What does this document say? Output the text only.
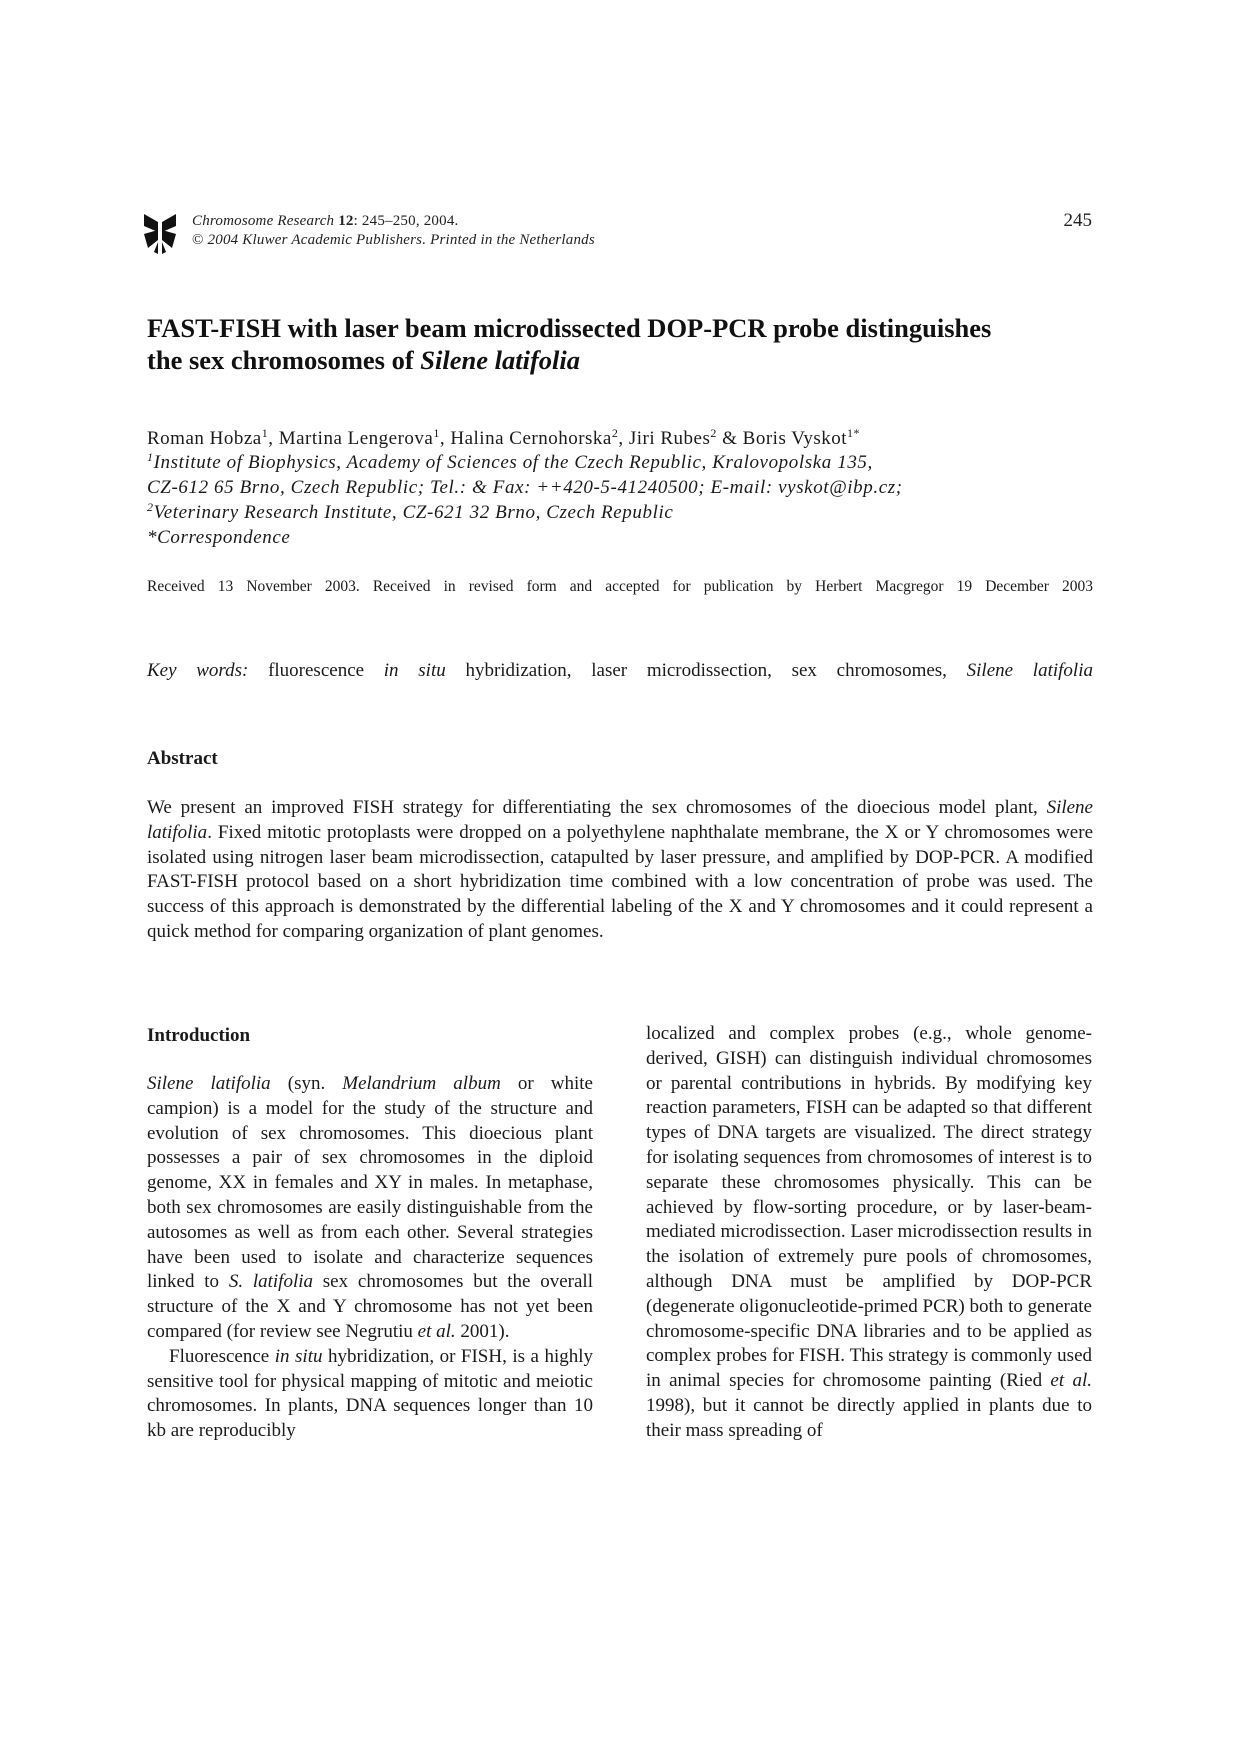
Chromosome Research 12: 245–250, 2004.
© 2004 Kluwer Academic Publishers. Printed in the Netherlands
245
FAST-FISH with laser beam microdissected DOP-PCR probe distinguishes
the sex chromosomes of Silene latifolia
Roman Hobza$^1$, Martina Lengerova$^1$, Halina Cernohorska$^2$, Jiri Rubes$^2$ & Boris Vyskot$^{1*}$
$^1$Institute of Biophysics, Academy of Sciences of the Czech Republic, Kralovopolska 135,
CZ-612 65 Brno, Czech Republic; Tel.: & Fax: ++420-5-41240500; E-mail: vyskot@ibp.cz;
$^2$Veterinary Research Institute, CZ-621 32 Brno, Czech Republic
*Correspondence
Received 13 November 2003. Received in revised form and accepted for publication by Herbert Macgregor 19 December 2003
Key words: fluorescence in situ hybridization, laser microdissection, sex chromosomes, Silene latifolia
Abstract
We present an improved FISH strategy for differentiating the sex chromosomes of the dioecious model plant, Silene latifolia. Fixed mitotic protoplasts were dropped on a polyethylene naphthalate membrane, the X or Y chromosomes were isolated using nitrogen laser beam microdissection, catapulted by laser pressure, and amplified by DOP-PCR. A modified FAST-FISH protocol based on a short hybridization time combined with a low concentration of probe was used. The success of this approach is demonstrated by the differential labeling of the X and Y chromosomes and it could represent a quick method for comparing organization of plant genomes.
Introduction

Silene latifolia (syn. Melandrium album or white campion) is a model for the study of the structure and evolution of sex chromosomes. This dioecious plant possesses a pair of sex chromosomes in the diploid genome, XX in females and XY in males. In metaphase, both sex chromosomes are easily distinguishable from the autosomes as well as from each other. Several strategies have been used to isolate and characterize sequences linked to S. latifolia sex chromosomes but the overall structure of the X and Y chromosome has not yet been compared (for review see Negrutiu et al. 2001).

Fluorescence in situ hybridization, or FISH, is a highly sensitive tool for physical mapping of mitotic and meiotic chromosomes. In plants, DNA sequences longer than 10 kb are reproducibly

localized and complex probes (e.g., whole genome-derived, GISH) can distinguish individual chromosomes or parental contributions in hybrids. By modifying key reaction parameters, FISH can be adapted so that different types of DNA targets are visualized. The direct strategy for isolating sequences from chromosomes of interest is to separate these chromosomes physically. This can be achieved by flow-sorting procedure, or by laser-beam-mediated microdissection. Laser microdissection results in the isolation of extremely pure pools of chromosomes, although DNA must be amplified by DOP-PCR (degenerate oligonucleotide-primed PCR) both to generate chromosome-specific DNA libraries and to be applied as complex probes for FISH. This strategy is commonly used in animal species for chromosome painting (Ried et al. 1998), but it cannot be directly applied in plants due to their mass spreading of
